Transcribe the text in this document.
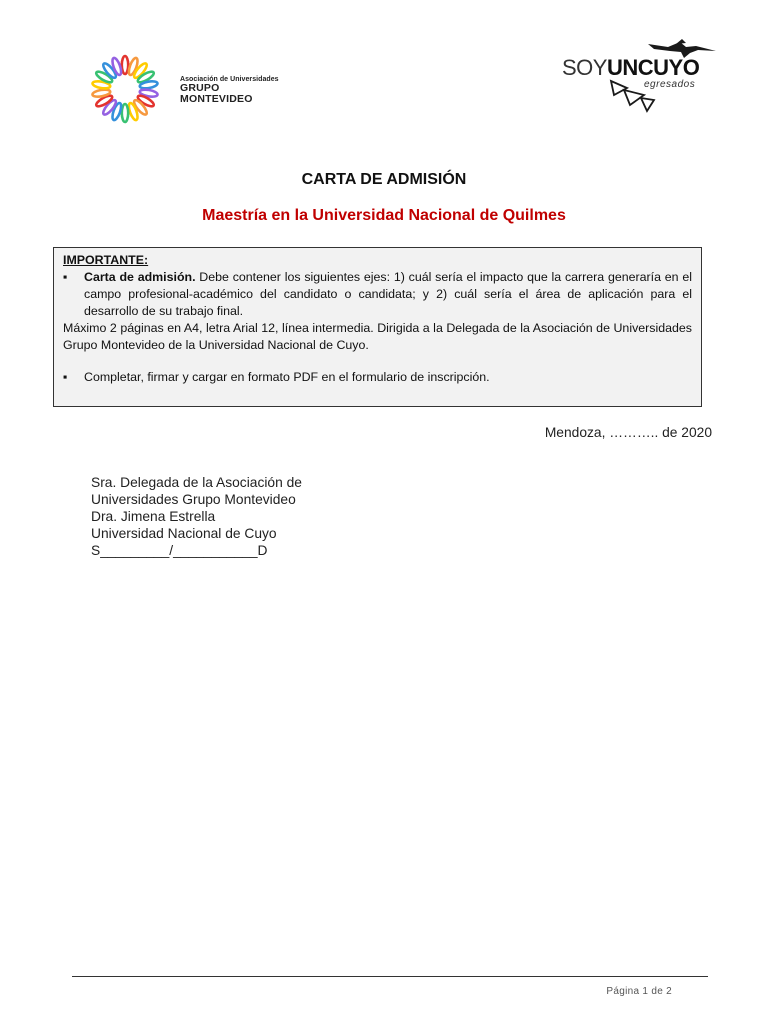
Asociación de Universidades
GRUPO MONTEVIDEO
SOYUNCUYO
egresados
CARTA DE ADMISIÓN
Maestría en la Universidad Nacional de Quilmes
IMPORTANTE:
▪ Carta de admisión. Debe contener los siguientes ejes: 1) cuál sería el impacto que la carrera generaría en el campo profesional-académico del candidato o candidata; y 2) cuál sería el área de aplicación para el desarrollo de su trabajo final.
Máximo 2 páginas en A4, letra Arial 12, línea intermedia. Dirigida a la Delegada de la Asociación de Universidades Grupo Montevideo de la Universidad Nacional de Cuyo.
▪ Completar, firmar y cargar en formato PDF en el formulario de inscripción.
Mendoza, ……….. de 2020
Sra. Delegada de la Asociación de
Universidades Grupo Montevideo
Dra. Jimena Estrella
Universidad Nacional de Cuyo
S_________/___________D
Página 1 de 2
